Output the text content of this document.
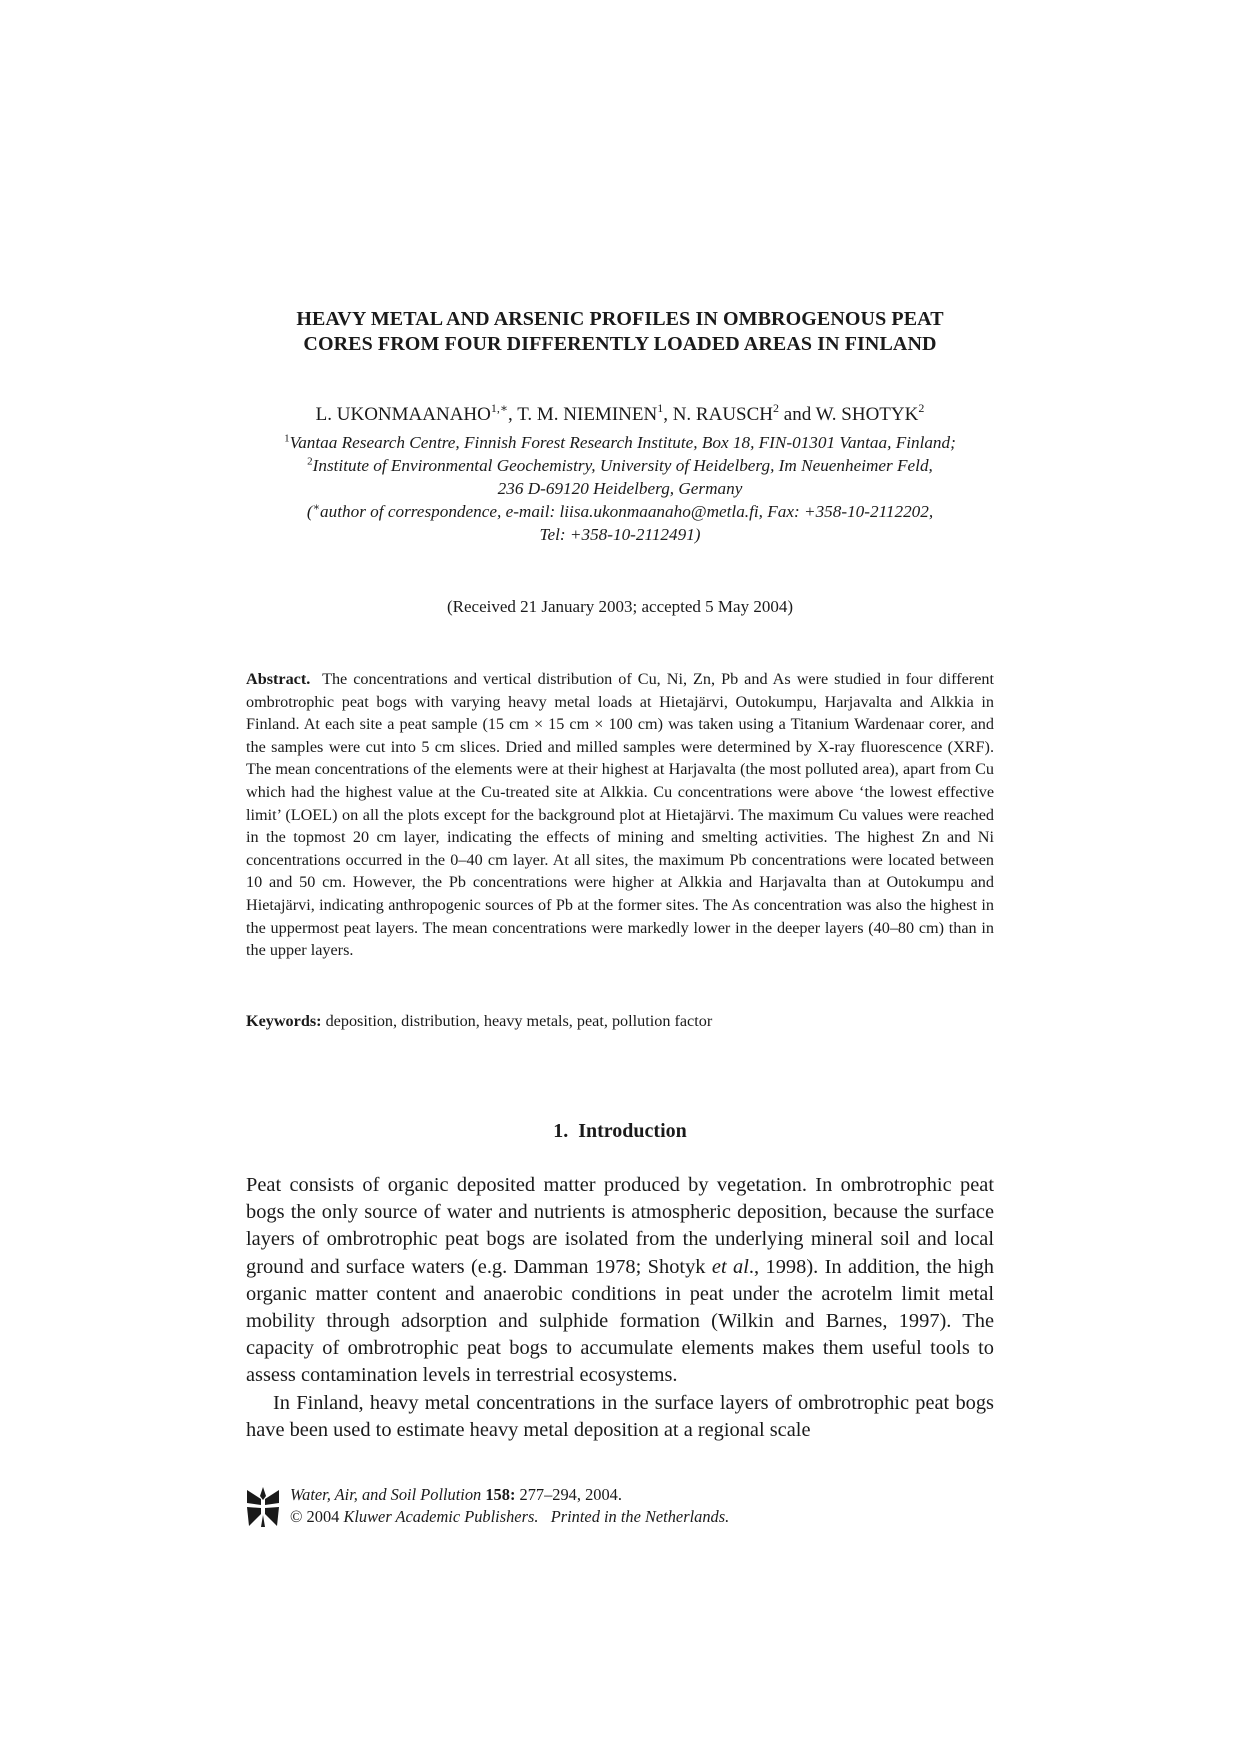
HEAVY METAL AND ARSENIC PROFILES IN OMBROGENOUS PEAT
CORES FROM FOUR DIFFERENTLY LOADED AREAS IN FINLAND
L. $UKONMAANAHO^{1,∗}$, T. M. NIEMINEN$^1$, N. RAUSCH$^2$ and W. SHOTYK$^2$
$^1$Vantaa Research Centre, Finnish Forest Research Institute, Box 18, FIN-01301 Vantaa, Finland;
$^2$Institute of Environmental Geochemistry, University of Heidelberg, Im Neuenheimer Feld,
236 D-69120 Heidelberg, Germany
(∗author of correspondence, e-mail: liisa.ukonmaanaho@metla.fi, Fax: +358-10-2112202,
Tel: +358-10-2112491)
(Received 21 January 2003; accepted 5 May 2004)
Abstract. The concentrations and vertical distribution of Cu, Ni, Zn, Pb and As were studied in four different ombrotrophic peat bogs with varying heavy metal loads at Hietajärvi, Outokumpu, Harjavalta and Alkkia in Finland. At each site a peat sample (15 cm × 15 cm × 100 cm) was taken using a Titanium Wardenaar corer, and the samples were cut into 5 cm slices. Dried and milled samples were determined by X-ray fluorescence (XRF). The mean concentrations of the elements were at their highest at Harjavalta (the most polluted area), apart from Cu which had the highest value at the Cu-treated site at Alkkia. Cu concentrations were above ‘the lowest effective limit’ (LOEL) on all the plots except for the background plot at Hietajärvi. The maximum Cu values were reached in the topmost 20 cm layer, indicating the effects of mining and smelting activities. The highest Zn and Ni concentrations occurred in the 0–40 cm layer. At all sites, the maximum Pb concentrations were located between 10 and 50 cm. However, the Pb concentrations were higher at Alkkia and Harjavalta than at Outokumpu and Hietajärvi, indicating anthropogenic sources of Pb at the former sites. The As concentration was also the highest in the uppermost peat layers. The mean concentrations were markedly lower in the deeper layers (40–80 cm) than in the upper layers.
Keywords: deposition, distribution, heavy metals, peat, pollution factor
1. Introduction

Peat consists of organic deposited matter produced by vegetation. In ombrotrophic peat bogs the only source of water and nutrients is atmospheric deposition, because the surface layers of ombrotrophic peat bogs are isolated from the underlying mineral soil and local ground and surface waters (e.g. Damman 1978; Shotyk et al., 1998). In addition, the high organic matter content and anaerobic conditions in peat under the acrotelm limit metal mobility through adsorption and sulphide formation (Wilkin and Barnes, 1997). The capacity of ombrotrophic peat bogs to accumulate elements makes them useful tools to assess contamination levels in terrestrial ecosystems.

In Finland, heavy metal concentrations in the surface layers of ombrotrophic peat bogs have been used to estimate heavy metal deposition at a regional scale

Water, Air, and Soil Pollution 158: 277–294, 2004.
© 2004 Kluwer Academic Publishers. Printed in the Netherlands.
